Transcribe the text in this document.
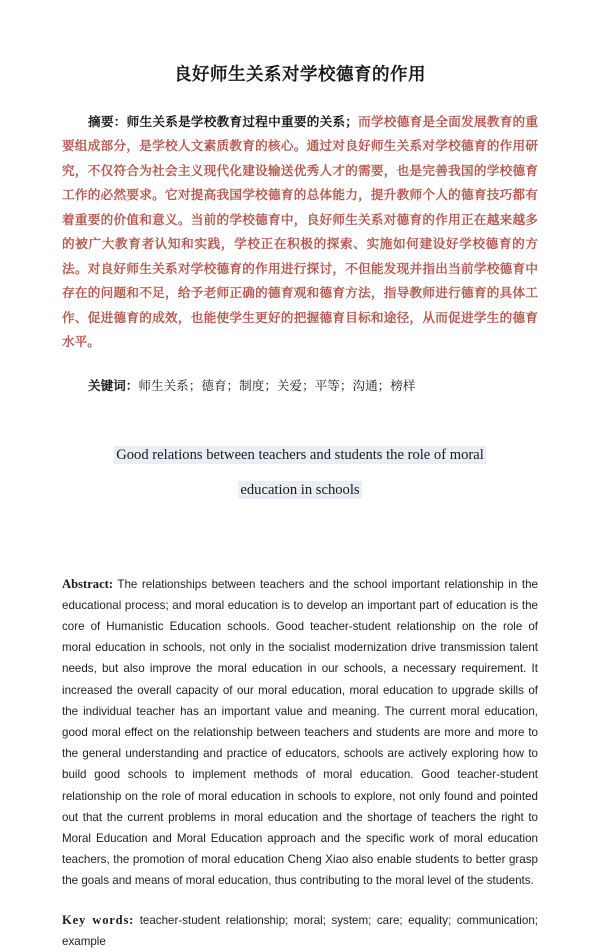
良好师生关系对学校德育的作用

摘要：师生关系是学校教育过程中重要的关系；而学校德育是全面发展教育的重要组成部分，是学校人文素质教育的核心。通过对良好师生关系对学校德育的作用研究，不仅符合为社会主义现代化建设输送优秀人才的需要，也是完善我国的学校德育工作的必然要求。它对提高我国学校德育的总体能力，提升教师个人的德育技巧都有着重要的价值和意义。当前的学校德育中，良好师生关系对德育的作用正在越来越多的被广大教育者认知和实践，学校正在积极的探索、实施如何建设好学校德育的方法。对良好师生关系对学校德育的作用进行探讨，不但能发现并指出当前学校德育中存在的问题和不足，给予老师正确的德育观和德育方法，指导教师进行德育的具体工作、促进德育的成效，也能使学生更好的把握德育目标和途径，从而促进学生的德育水平。

关键词：师生关系；德育；制度；关爱；平等；沟通；榜样

Good relations between teachers and students the role of moral
education in schools

Abstract: The relationships between teachers and the school important relationship in the educational process; and moral education is to develop an important part of education is the core of Humanistic Education schools. Good teacher-student relationship on the role of moral education in schools, not only in the socialist modernization drive transmission talent needs, but also improve the moral education in our schools, a necessary requirement. It increased the overall capacity of our moral education, moral education to upgrade skills of the individual teacher has an important value and meaning. The current moral education, good moral effect on the relationship between teachers and students are more and more to the general understanding and practice of educators, schools are actively exploring how to build good schools to implement methods of moral education. Good teacher-student relationship on the role of moral education in schools to explore, not only found and pointed out that the current problems in moral education and the shortage of teachers the right to Moral Education and Moral Education approach and the specific work of moral education teachers, the promotion of moral education Cheng Xiao also enable students to better grasp the goals and means of moral education, thus contributing to the moral level of the students.

Key words: teacher-student relationship; moral; system; care; equality; communication; example
